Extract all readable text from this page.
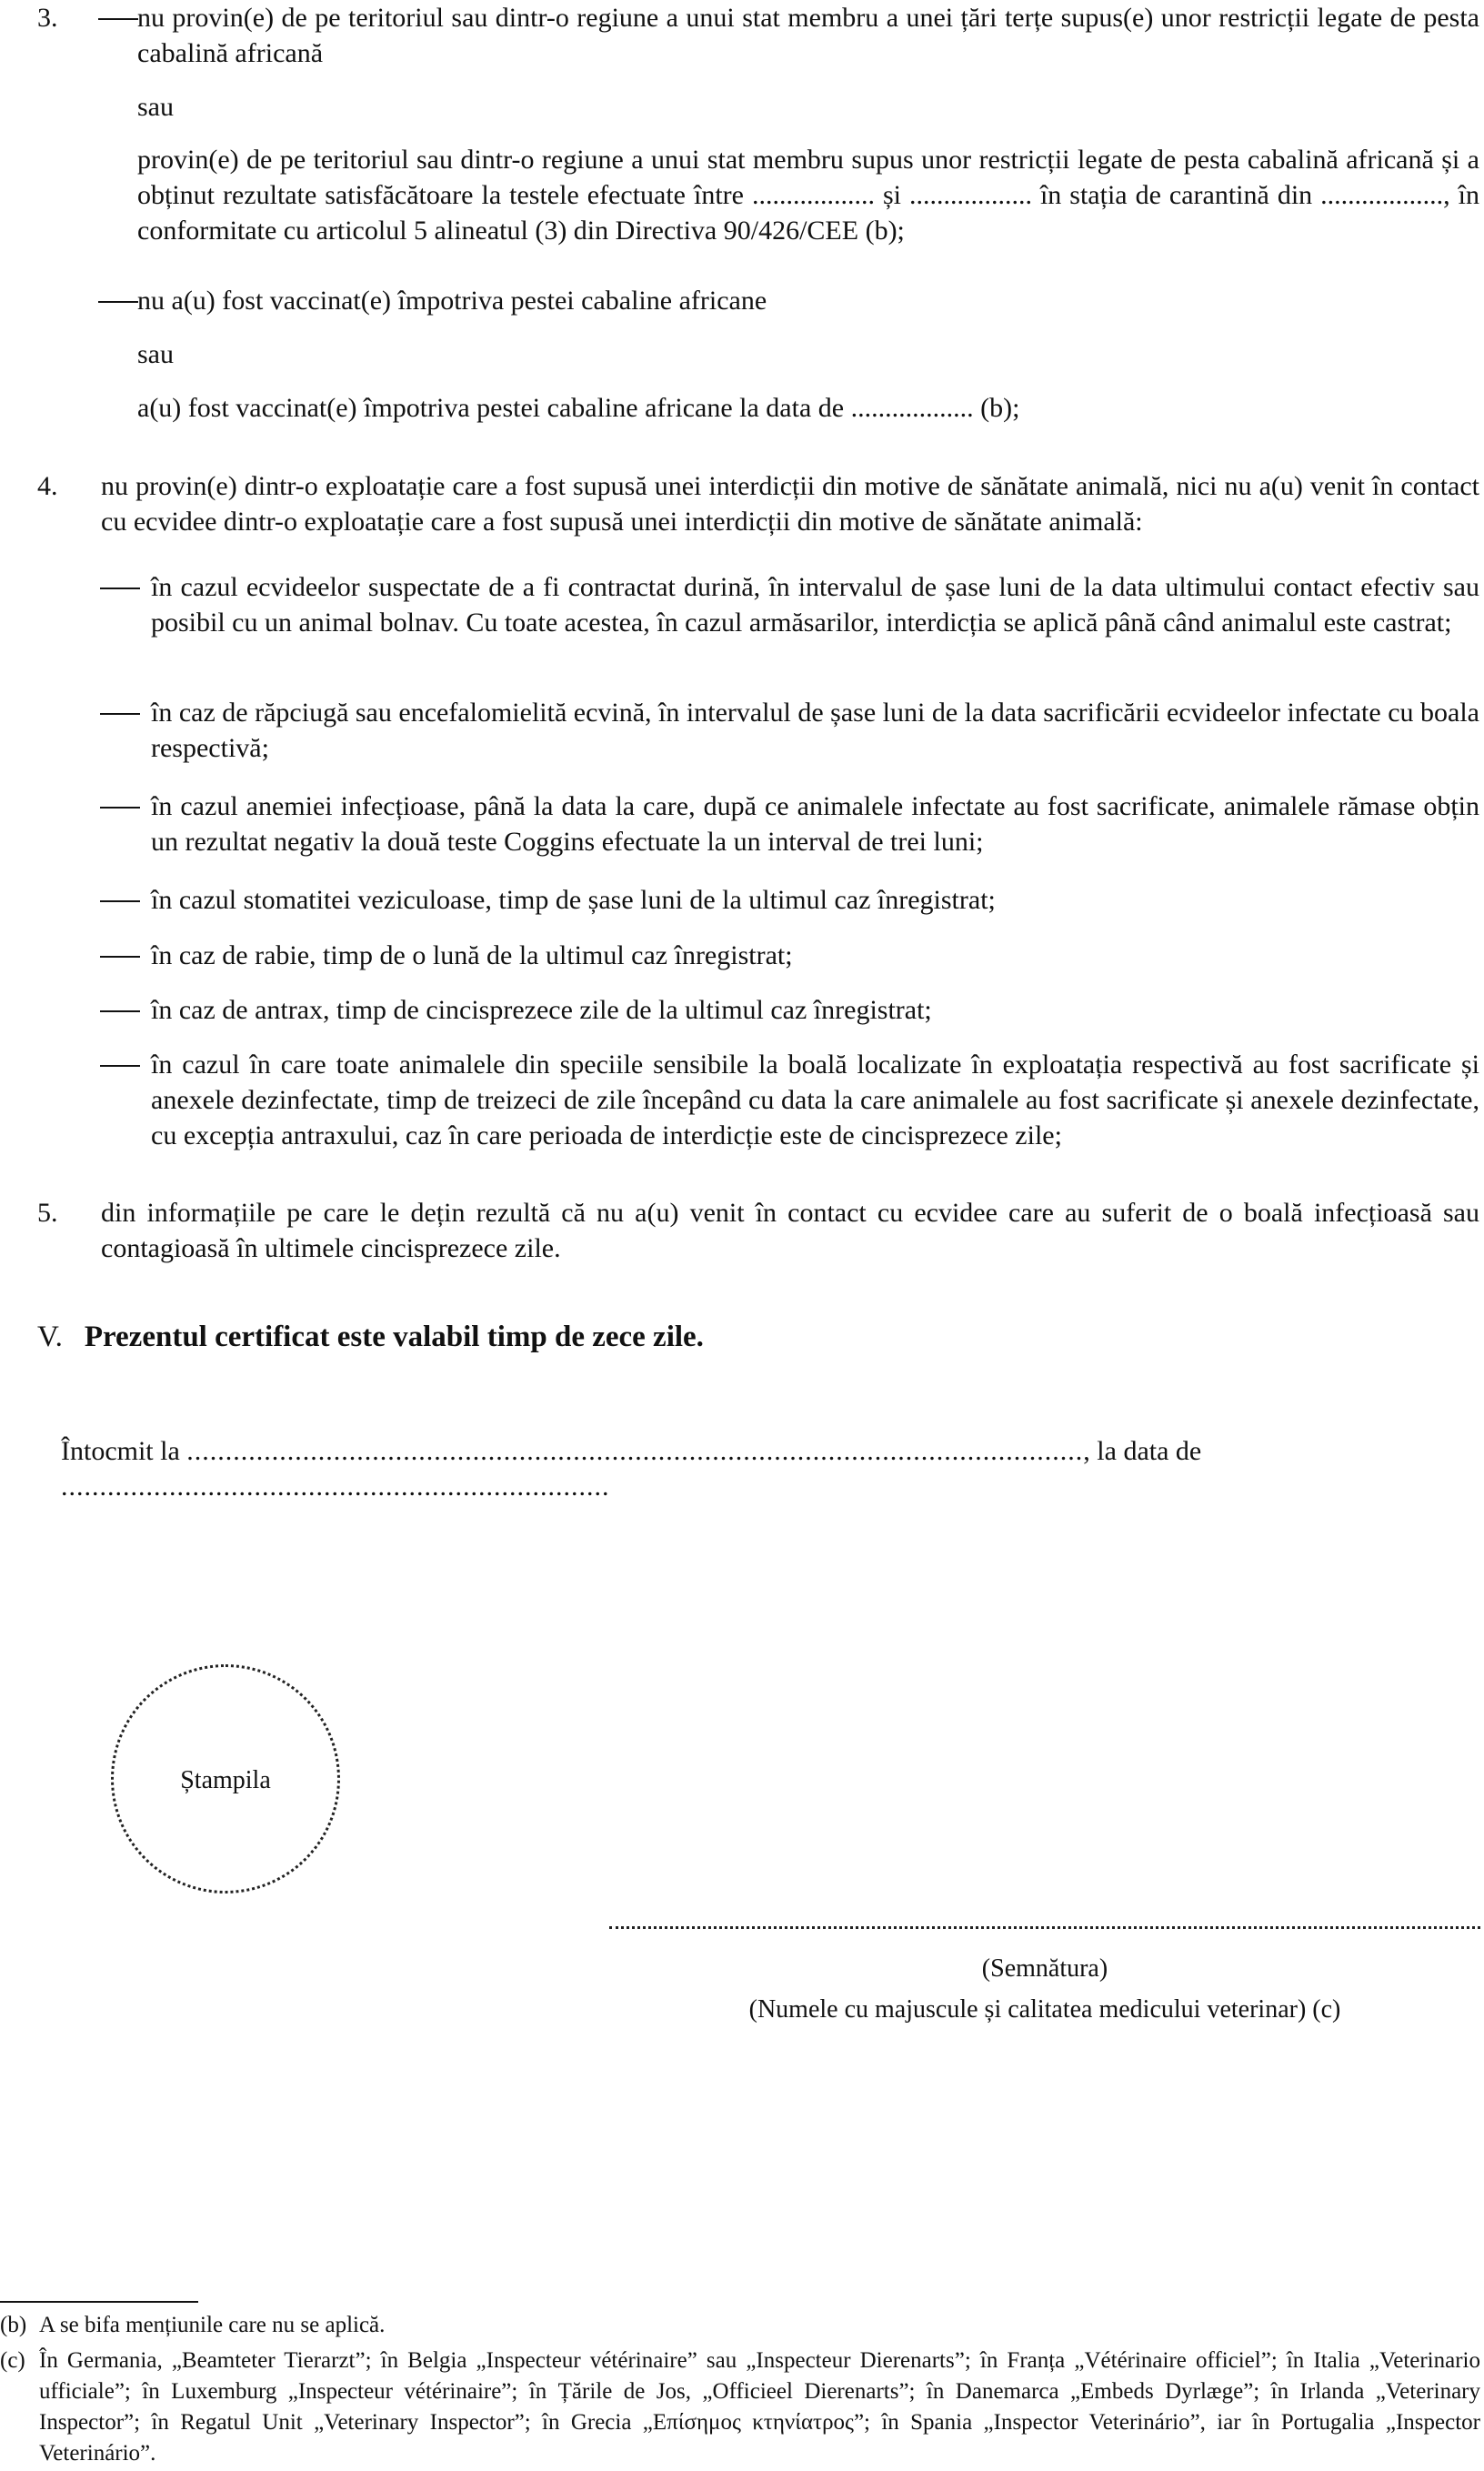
3.	nu provin(e) de pe teritoriul sau dintr-o regiune a unui stat membru a unei țări terțe supus(e) unor restricții legate de pesta cabalină africană

sau

provin(e) de pe teritoriul sau dintr-o regiune a unui stat membru supus unor restricții legate de pesta cabalină africană și a obținut rezultate satisfăcătoare la testele efectuate între .................. și .................. în stația de carantină din .................., în conformitate cu articolul 5 alineatul (3) din Directiva 90/426/CEE (b);

nu a(u) fost vaccinat(e) împotriva pestei cabaline africane

sau

a(u) fost vaccinat(e) împotriva pestei cabaline africane la data de .................. (b);

4. nu provin(e) dintr-o exploatație care a fost supusă unei interdicții din motive de sănătate animală, nici nu a(u) venit în contact cu ecvidee dintr-o exploatație care a fost supusă unei interdicții din motive de sănătate animală:

în cazul ecvideelor suspectate de a fi contractat durină, în intervalul de șase luni de la data ultimului contact efectiv sau posibil cu un animal bolnav. Cu toate acestea, în cazul armăsarilor, interdicția se aplică până când animalul este castrat;

în caz de răpciugă sau encefalomielită ecvină, în intervalul de șase luni de la data sacrificării ecvideelor infectate cu boala respectivă;

în cazul anemiei infecțioase, până la data la care, după ce animalele infectate au fost sacrificate, animalele rămase obțin un rezultat negativ la două teste Coggins efectuate la un interval de trei luni;

în cazul stomatitei veziculoase, timp de șase luni de la ultimul caz înregistrat;

în caz de rabie, timp de o lună de la ultimul caz înregistrat;

în caz de antrax, timp de cincisprezece zile de la ultimul caz înregistrat;

în cazul în care toate animalele din speciile sensibile la boală localizate în exploatația respectivă au fost sacrificate și anexele dezinfectate, timp de treizeci de zile începând cu data la care animalele au fost sacrificate și anexele dezinfectate, cu excepția antraxului, caz în care perioada de interdicție este de cincisprezece zile;

5. din informațiile pe care le dețin rezultă că nu a(u) venit în contact cu ecvidee care au suferit de o boală infecțioasă sau contagioasă în ultimele cincisprezece zile.

V. Prezentul certificat este valabil timp de zece zile.
Întocmit la ...................................................................................................................., la data de .......................................................................
Ștampila
(Semnătura)
(Numele cu majuscule și calitatea medicului veterinar) (c)
(b) A se bifa mențiunile care nu se aplică.
(c) În Germania, „Beamteter Tierarzt”; în Belgia „Inspecteur vétérinaire” sau „Inspecteur Dierenarts”; în Franța „Vétérinaire officiel”; în Italia „Veterinario ufficiale”; în Luxemburg „Inspecteur vétérinaire”; în Țările de Jos, „Officieel Dierenarts”; în Danemarca „Embeds Dyrlæge”; în Irlanda „Veterinary Inspector”; în Regatul Unit „Veterinary Inspector”; în Grecia „Επίσημος κτηνίατρος”; în Spania „Inspector Veterinário”, iar în Portugalia „Inspector Veterinário”.
